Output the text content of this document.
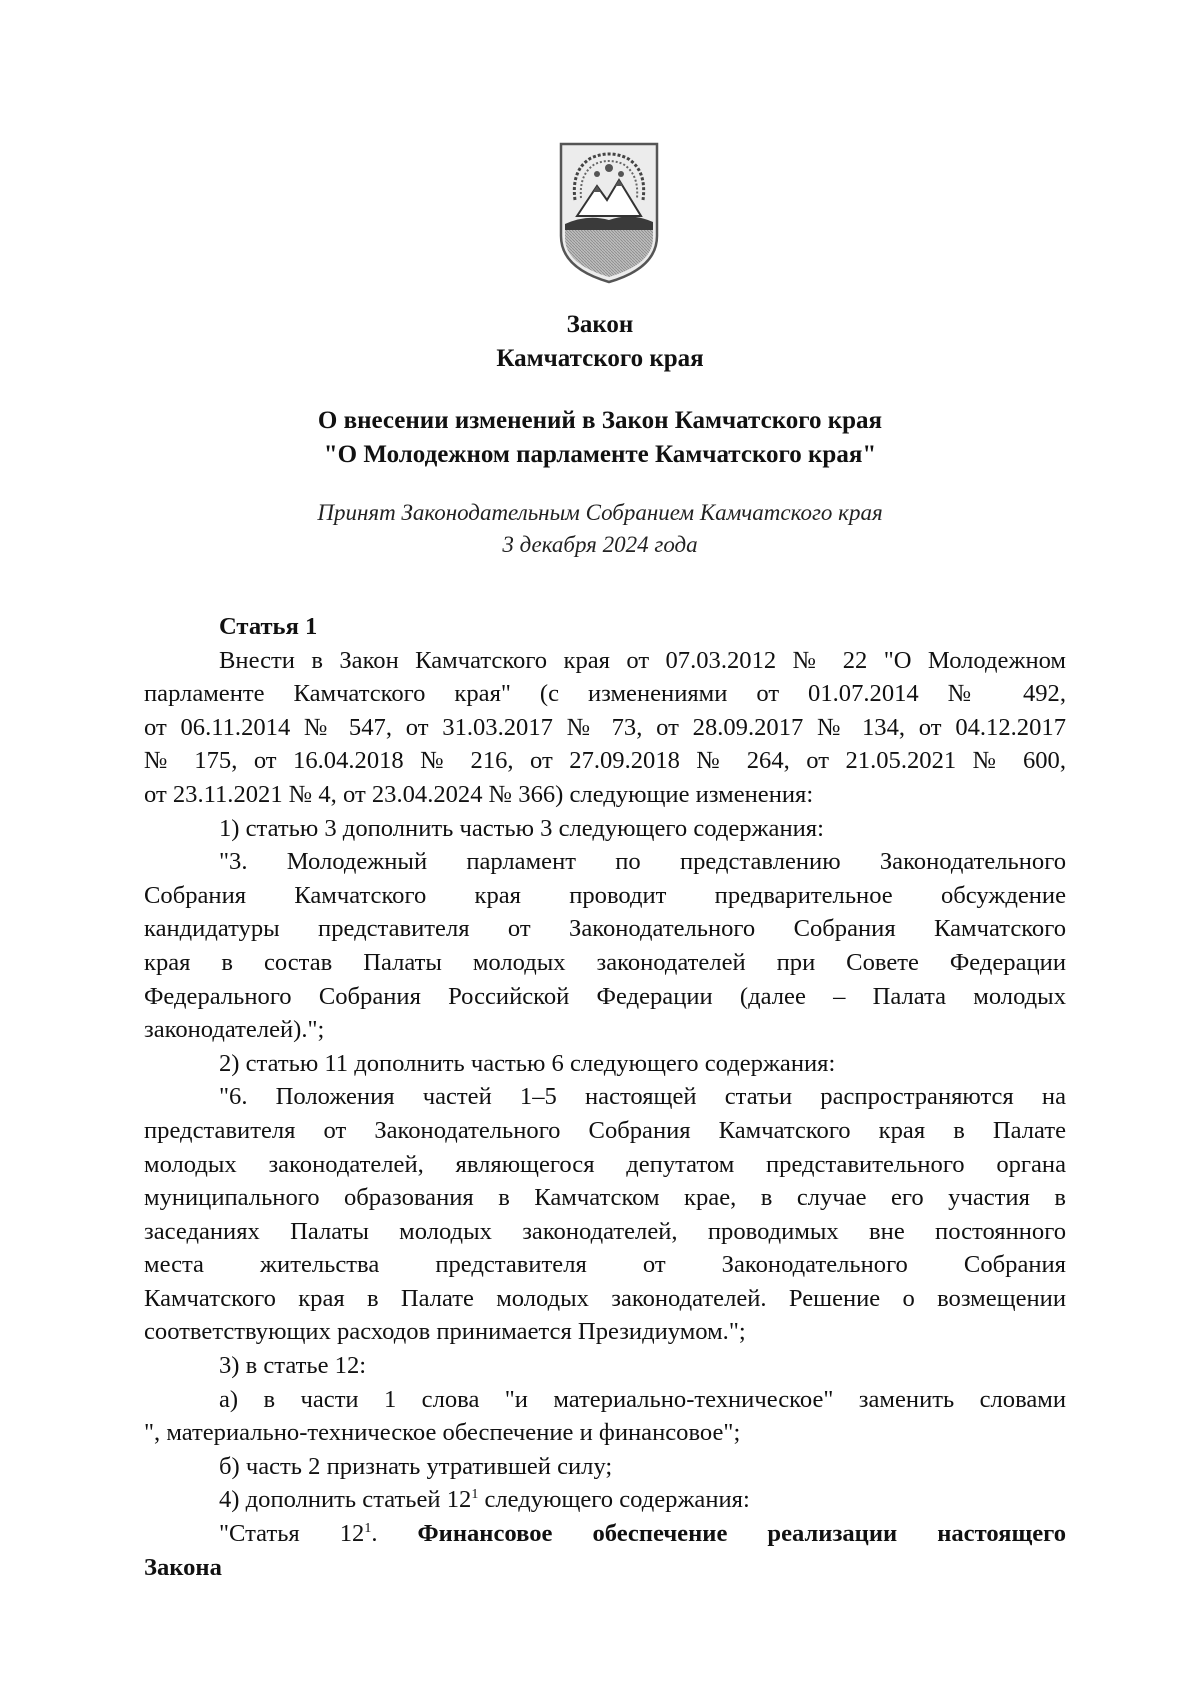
Закон
Камчатского края
О внесении изменений в Закон Камчатского края
"О Молодежном парламенте Камчатского края"
Принят Законодательным Собранием Камчатского края
3 декабря 2024 года
Статья 1
Внести в Закон Камчатского края от 07.03.2012 № 22 "О Молодежном
парламенте Камчатского края" (с изменениями от 01.07.2014 № 492,
от 06.11.2014 № 547, от 31.03.2017 № 73, от 28.09.2017 № 134, от 04.12.2017
№ 175, от 16.04.2018 № 216, от 27.09.2018 № 264, от 21.05.2021 № 600,
от 23.11.2021 № 4, от 23.04.2024 № 366) следующие изменения:
1) статью 3 дополнить частью 3 следующего содержания:
"3. Молодежный парламент по представлению Законодательного
Собрания Камчатского края проводит предварительное обсуждение
кандидатуры представителя от Законодательного Собрания Камчатского
края в состав Палаты молодых законодателей при Совете Федерации
Федерального Собрания Российской Федерации (далее – Палата молодых
законодателей).";
2) статью 11 дополнить частью 6 следующего содержания:
"6. Положения частей 1–5 настоящей статьи распространяются на
представителя от Законодательного Собрания Камчатского края в Палате
молодых законодателей, являющегося депутатом представительного органа
муниципального образования в Камчатском крае, в случае его участия в
заседаниях Палаты молодых законодателей, проводимых вне постоянного
места жительства представителя от Законодательного Собрания
Камчатского края в Палате молодых законодателей. Решение о возмещении
соответствующих расходов принимается Президиумом.";
3) в статье 12:
а) в части 1 слова "и материально-техническое" заменить словами
", материально-техническое обеспечение и финансовое";
б) часть 2 признать утратившей силу;
4) дополнить статьей $12^1$ следующего содержания:
"Статья $12^1$. Финансовое обеспечение реализации настоящего
Закона
